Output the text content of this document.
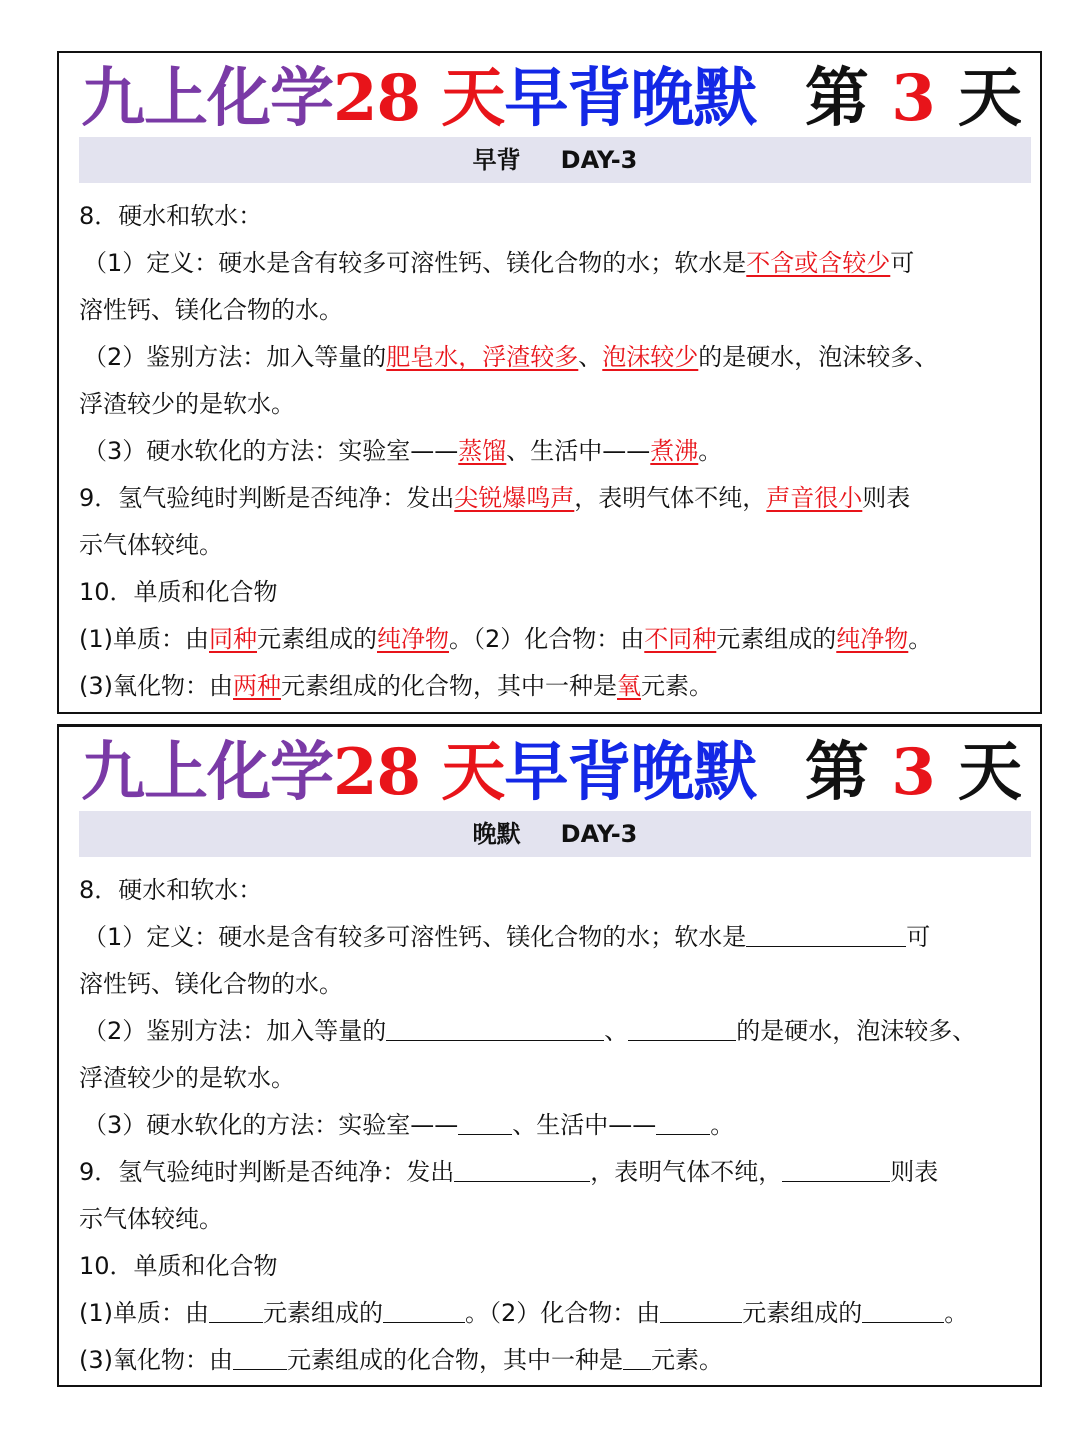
九上化学28 天早背晚默 第 3 天
早背 DAY-3
8．硬水和软水：
（1）定义：硬水是含有较多可溶性钙、镁化合物的水；软水是不含或含较少可
溶性钙、镁化合物的水。
（2）鉴别方法：加入等量的肥皂水，浮渣较多、泡沫较少的是硬水，泡沫较多、
浮渣较少的是软水。
（3）硬水软化的方法：实验室——蒸馏、生活中——煮沸。
9．氢气验纯时判断是否纯净：发出尖锐爆鸣声，表明气体不纯，声音很小则表
示气体较纯。
10．单质和化合物
(1)单质：由同种元素组成的纯净物。（2）化合物：由不同种元素组成的纯净物。
(3)氧化物：由两种元素组成的化合物，其中一种是氧元素。
九上化学28 天早背晚默 第 3 天
晚默 DAY-3
8．硬水和软水：
（1）定义：硬水是含有较多可溶性钙、镁化合物的水；软水是	可
溶性钙、镁化合物的水。
（2）鉴别方法：加入等量的	、	的是硬水，泡沫较多、
浮渣较少的是软水。
（3）硬水软化的方法：实验室—— 、生活中—— 。
9．氢气验纯时判断是否纯净：发出	，表明气体不纯，	则表
示气体较纯。
10．单质和化合物
(1)单质：由 元素组成的	。（2）化合物：由	元素组成的	。
(3)氧化物：由 元素组成的化合物，其中一种是 元素。
